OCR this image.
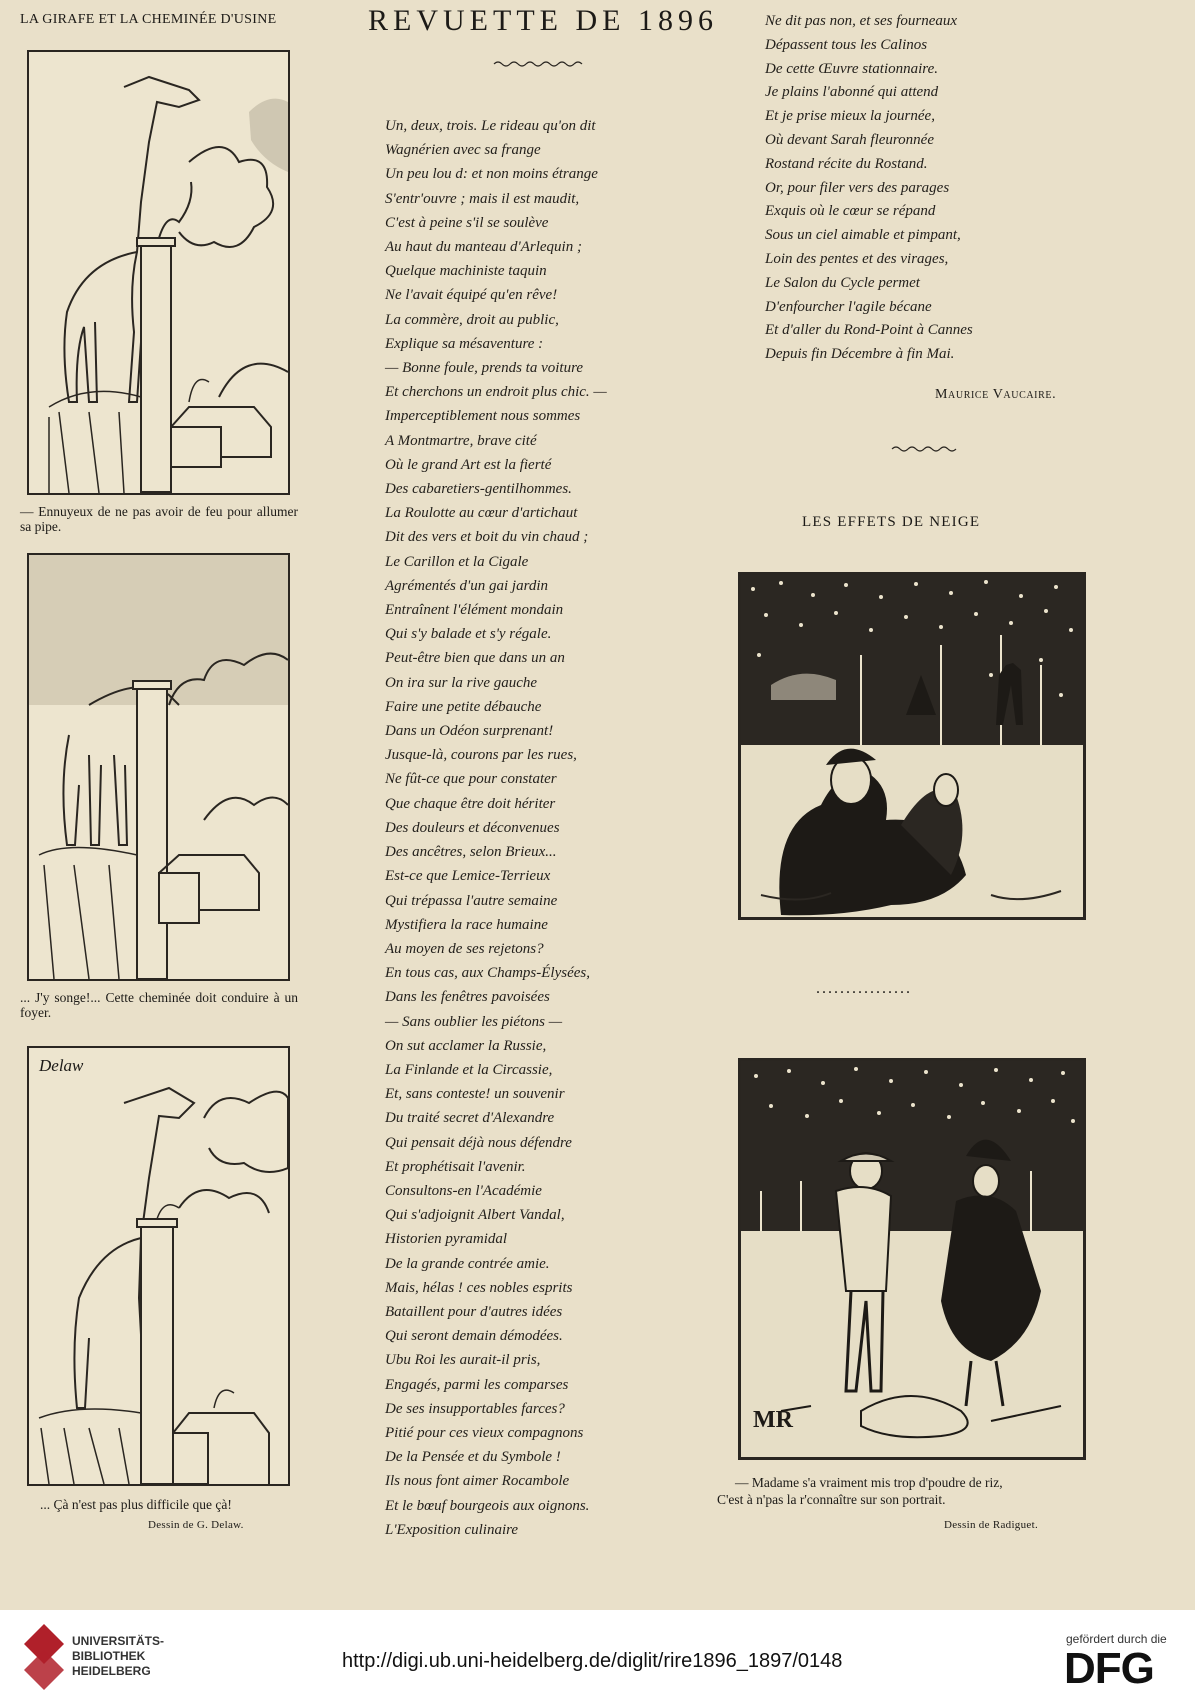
LA GIRAFE ET LA CHEMINÉE D'USINE	REVUETTE DE 1896
— Ennuyeux de ne pas avoir de feu pour allumer sa pipe.
... J'y songe!... Cette cheminée doit conduire à un foyer.
Delaw
... Çà n'est pas plus difficile que çà!
Dessin de G. Delaw.
Un, deux, trois. Le rideau qu'on dit
Wagnérien avec sa frange
Un peu lou d: et non moins étrange
S'entr'ouvre ; mais il est maudit,
C'est à peine s'il se soulève
Au haut du manteau d'Arlequin ;
Quelque machiniste taquin
Ne l'avait équipé qu'en rêve!
La commère, droit au public,
Explique sa mésaventure :
— Bonne foule, prends ta voiture
Et cherchons un endroit plus chic. —
Imperceptiblement nous sommes
A Montmartre, brave cité
Où le grand Art est la fierté
Des cabaretiers-gentilhommes.
La Roulotte au cœur d'artichaut
Dit des vers et boit du vin chaud ;
Le Carillon et la Cigale
Agrémentés d'un gai jardin
Entraînent l'élément mondain
Qui s'y balade et s'y régale.
Peut-être bien que dans un an
On ira sur la rive gauche
Faire une petite débauche
Dans un Odéon surprenant!
Jusque-là, courons par les rues,
Ne fût-ce que pour constater
Que chaque être doit hériter
Des douleurs et déconvenues
Des ancêtres, selon Brieux...
Est-ce que Lemice-Terrieux
Qui trépassa l'autre semaine
Mystifiera la race humaine
Au moyen de ses rejetons?
En tous cas, aux Champs-Élysées,
Dans les fenêtres pavoisées
— Sans oublier les piétons —
On sut acclamer la Russie,
La Finlande et la Circassie,
Et, sans conteste! un souvenir
Du traité secret d'Alexandre
Qui pensait déjà nous défendre
Et prophétisait l'avenir.
Consultons-en l'Académie
Qui s'adjoignit Albert Vandal,
Historien pyramidal
De la grande contrée amie.
Mais, hélas ! ces nobles esprits
Bataillent pour d'autres idées
Qui seront demain démodées.
Ubu Roi les aurait-il pris,
Engagés, parmi les comparses
De ses insupportables farces?
Pitié pour ces vieux compagnons
De la Pensée et du Symbole !
Ils nous font aimer Rocambole
Et le bœuf bourgeois aux oignons.
L'Exposition culinaire
Ne dit pas non, et ses fourneaux
Dépassent tous les Calinos
De cette Œuvre stationnaire.
Je plains l'abonné qui attend
Et je prise mieux la journée,
Où devant Sarah fleuronnée
Rostand récite du Rostand.
Or, pour filer vers des parages
Exquis où le cœur se répand
Sous un ciel aimable et pimpant,
Loin des pentes et des virages,
Le Salon du Cycle permet
D'enfourcher l'agile bécane
Et d'aller du Rond-Point à Cannes
Depuis fin Décembre à fin Mai.
Maurice Vaucaire.
LES EFFETS DE NEIGE
................
MR
— Madame s'a vraiment mis trop d'poudre de riz,
C'est à n'pas la r'connaître sur son portrait.
Dessin de Radiguet.
UNIVERSITÄTS-
BIBLIOTHEK
HEIDELBERG	http://digi.ub.uni-heidelberg.de/diglit/rire1896_1897/0148
gefördert durch die
DFG
